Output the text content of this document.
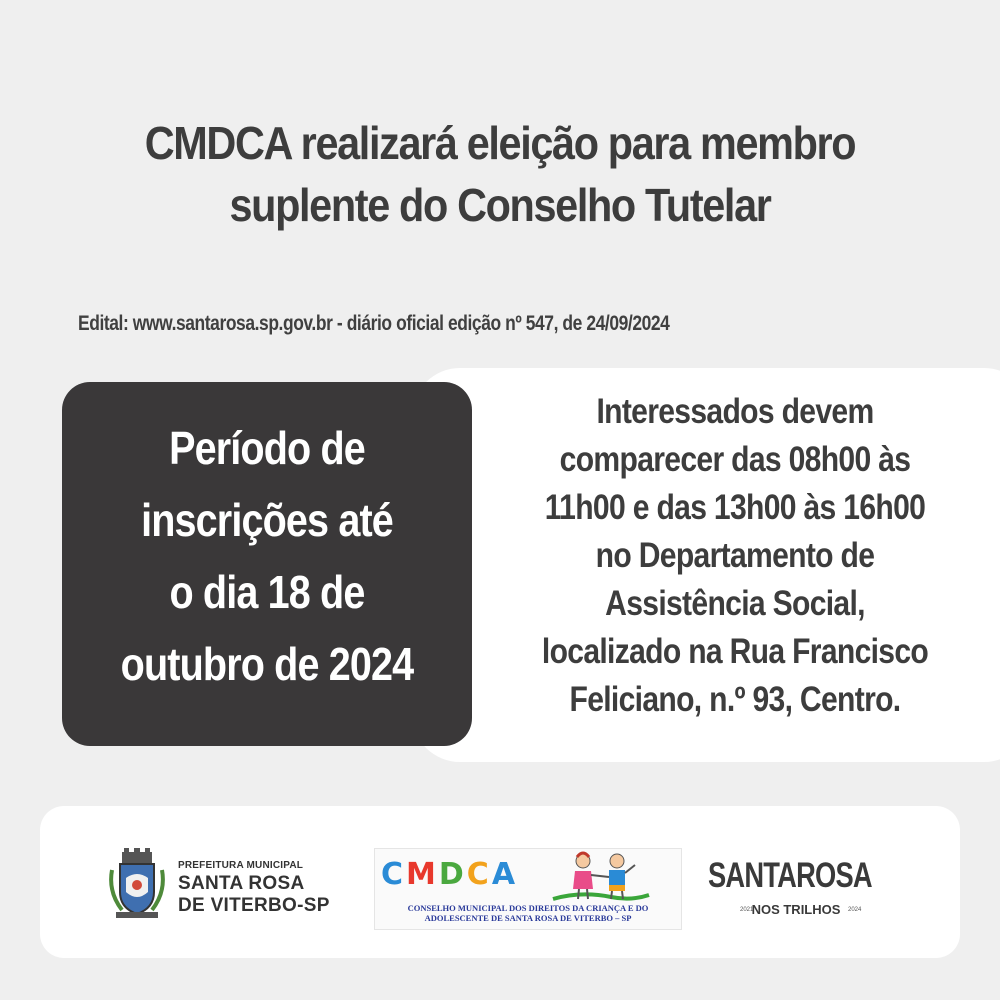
CMDCA realizará eleição para membro
suplente do Conselho Tutelar
Edital: www.santarosa.sp.gov.br - diário oficial edição nº 547, de 24/09/2024
Período de
inscrições até
o dia 18 de
outubro de 2024
Interessados devem
comparecer das 08h00 às
11h00 e das 13h00 às 16h00
no Departamento de
Assistência Social,
localizado na Rua Francisco
Feliciano, n.º 93, Centro.
PREFEITURA MUNICIPAL
SANTA ROSA
DE VITERBO-SP
CMDCA
CONSELHO MUNICIPAL DOS DIREITOS DA CRIANÇA E DO
ADOLESCENTE DE SANTA ROSA DE VITERBO – SP
SANTAROSA
2021
NOS TRILHOS	2024
